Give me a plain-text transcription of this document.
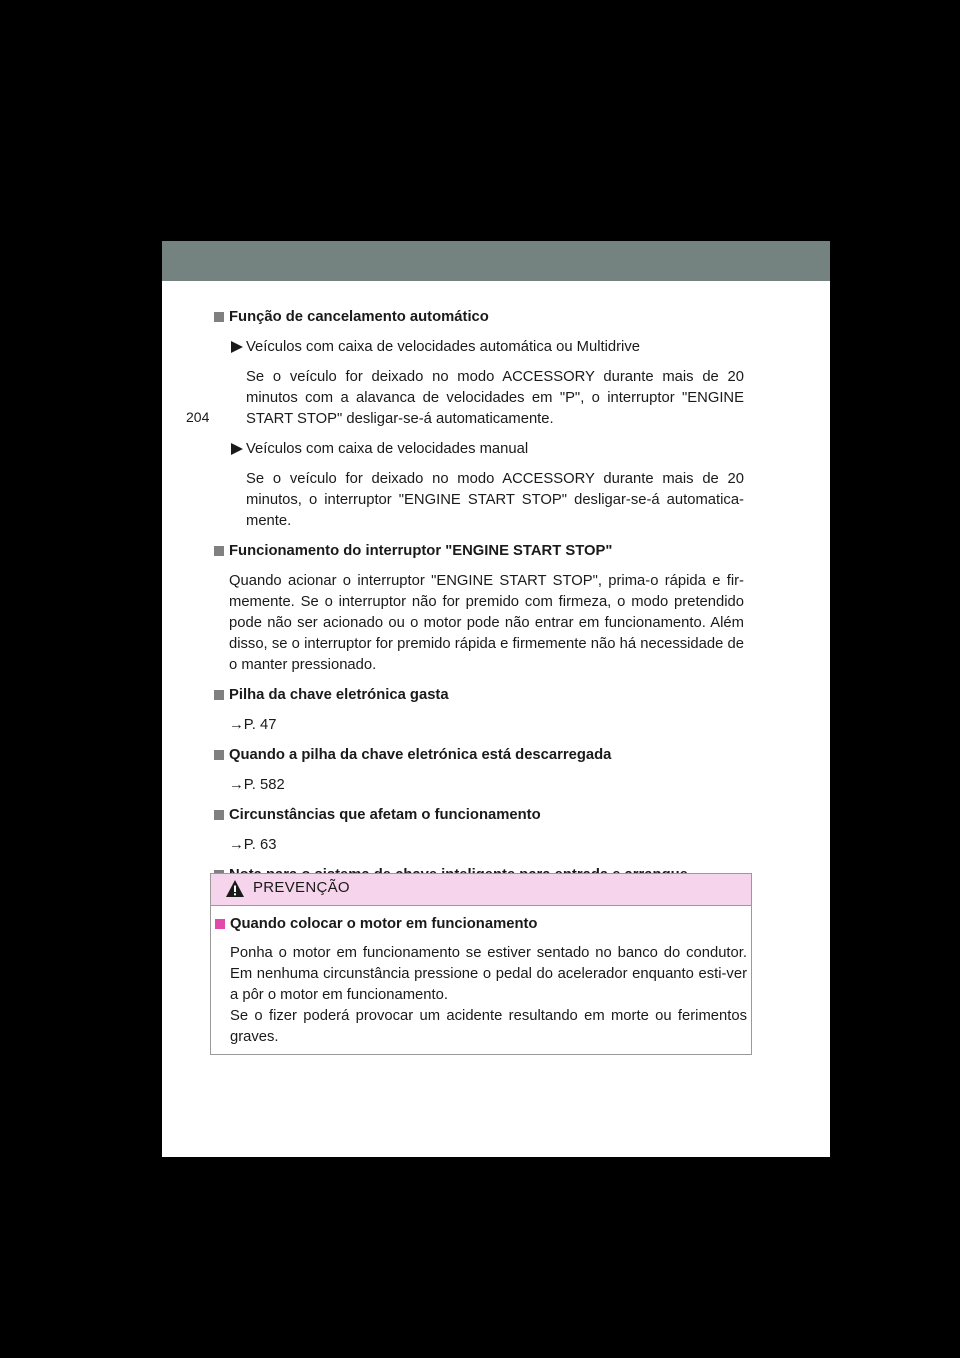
Função de cancelamento automático
Veículos com caixa de velocidades automática ou Multidrive
Se o veículo for deixado no modo ACCESSORY durante mais de 20 minutos com a alavanca de velocidades em "P", o interruptor "ENGINE START STOP" desligar-se-á automaticamente.
Veículos com caixa de velocidades manual
Se o veículo for deixado no modo ACCESSORY durante mais de 20 minutos, o interruptor "ENGINE START STOP" desligar-se-á automatica-mente.
Funcionamento do interruptor "ENGINE START STOP"
Quando acionar o interruptor "ENGINE START STOP", prima-o rápida e fir-memente. Se o interruptor não for premido com firmeza, o modo pretendido pode não ser acionado ou o motor pode não entrar em funcionamento. Além disso, se o interruptor for premido rápida e firmemente não há necessidade de o manter pressionado.
Pilha da chave eletrónica gasta
→P. 47
Quando a pilha da chave eletrónica está descarregada
→P. 582
Circunstâncias que afetam o funcionamento
→P. 63
PREVENÇÃO
Quando colocar o motor em funcionamento
Ponha o motor em funcionamento se estiver sentado no banco do condutor. Em nenhuma circunstância pressione o pedal do acelerador enquanto esti-ver a pôr o motor em funcionamento.
Se o fizer poderá provocar um acidente resultando em morte ou ferimentos graves.
204
